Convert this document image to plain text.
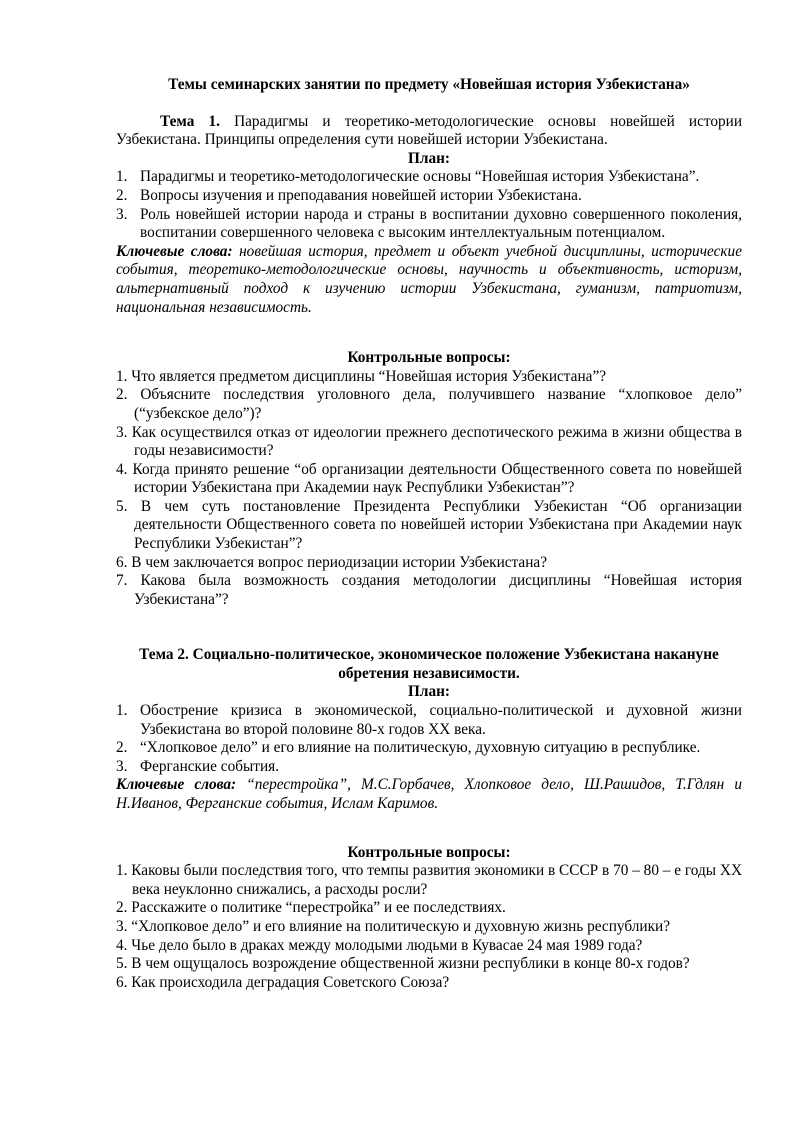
Темы семинарских занятии по предмету «Новейшая история Узбекистана»

Тема 1. Парадигмы и теоретико-методологические основы новейшей истории Узбекистана. Принципы определения сути новейшей истории Узбекистана.

План:

1. Парадигмы и теоретико-методологические основы “Новейшая история Узбекистана”.
2. Вопросы изучения и преподавания новейшей истории Узбекистана.
3. Роль новейшей истории народа и страны в воспитании духовно совершенного поколения, воспитании совершенного человека с высоким интеллектуальным потенциалом.

Ключевые слова: новейшая история, предмет и объект учебной дисциплины, исторические события, теоретико-методологические основы, научность и объективность, историзм, альтернативный подход к изучению истории Узбекистана, гуманизм, патриотизм, национальная независимость.

Контрольные вопросы:

1. Что является предметом дисциплины “Новейшая история Узбекистана”?
2. Объясните последствия уголовного дела, получившего название “хлопковое дело” (“узбекское дело”)?
3. Как осуществился отказ от идеологии прежнего деспотического режима в жизни общества в годы независимости?
4. Когда принято решение “об организации деятельности Общественного совета по новейшей истории Узбекистана при Академии наук Республики Узбекистан”?
5. В чем суть постановление Президента Республики Узбекистан “Об организации деятельности Общественного совета по новейшей истории Узбекистана при Академии наук Республики Узбекистан”?
6. В чем заключается вопрос периодизации истории Узбекистана?
7. Какова была возможность создания методологии дисциплины “Новейшая история Узбекистана”?

Тема 2. Социально-политическое, экономическое положение Узбекистана накануне обретения независимости.

План:

1. Обострение кризиса в экономической, социально-политической и духовной жизни Узбекистана во второй половине 80-х годов ХХ века.
2. “Хлопковое дело” и его влияние на политическую, духовную ситуацию в республике.
3. Ферганские события.

Ключевые слова: “перестройка”, М.С.Горбачев, Хлопковое дело, Ш.Рашидов, Т.Гдлян и Н.Иванов, Ферганские события, Ислам Каримов.

Контрольные вопросы:

1. Каковы были последствия того, что темпы развития экономики в СССР в 70 – 80 – е годы ХХ века неуклонно снижались, а расходы росли?
2. Расскажите о политике “перестройка” и ее последствиях.
3. “Хлопковое дело” и его влияние на политическую и духовную жизнь республики?
4. Чье дело было в драках между молодыми людьми в Кувасае 24 мая 1989 года?
5. В чем ощущалось возрождение общественной жизни республики в конце 80-х годов?
6. Как происходила деградация Советского Союза?
